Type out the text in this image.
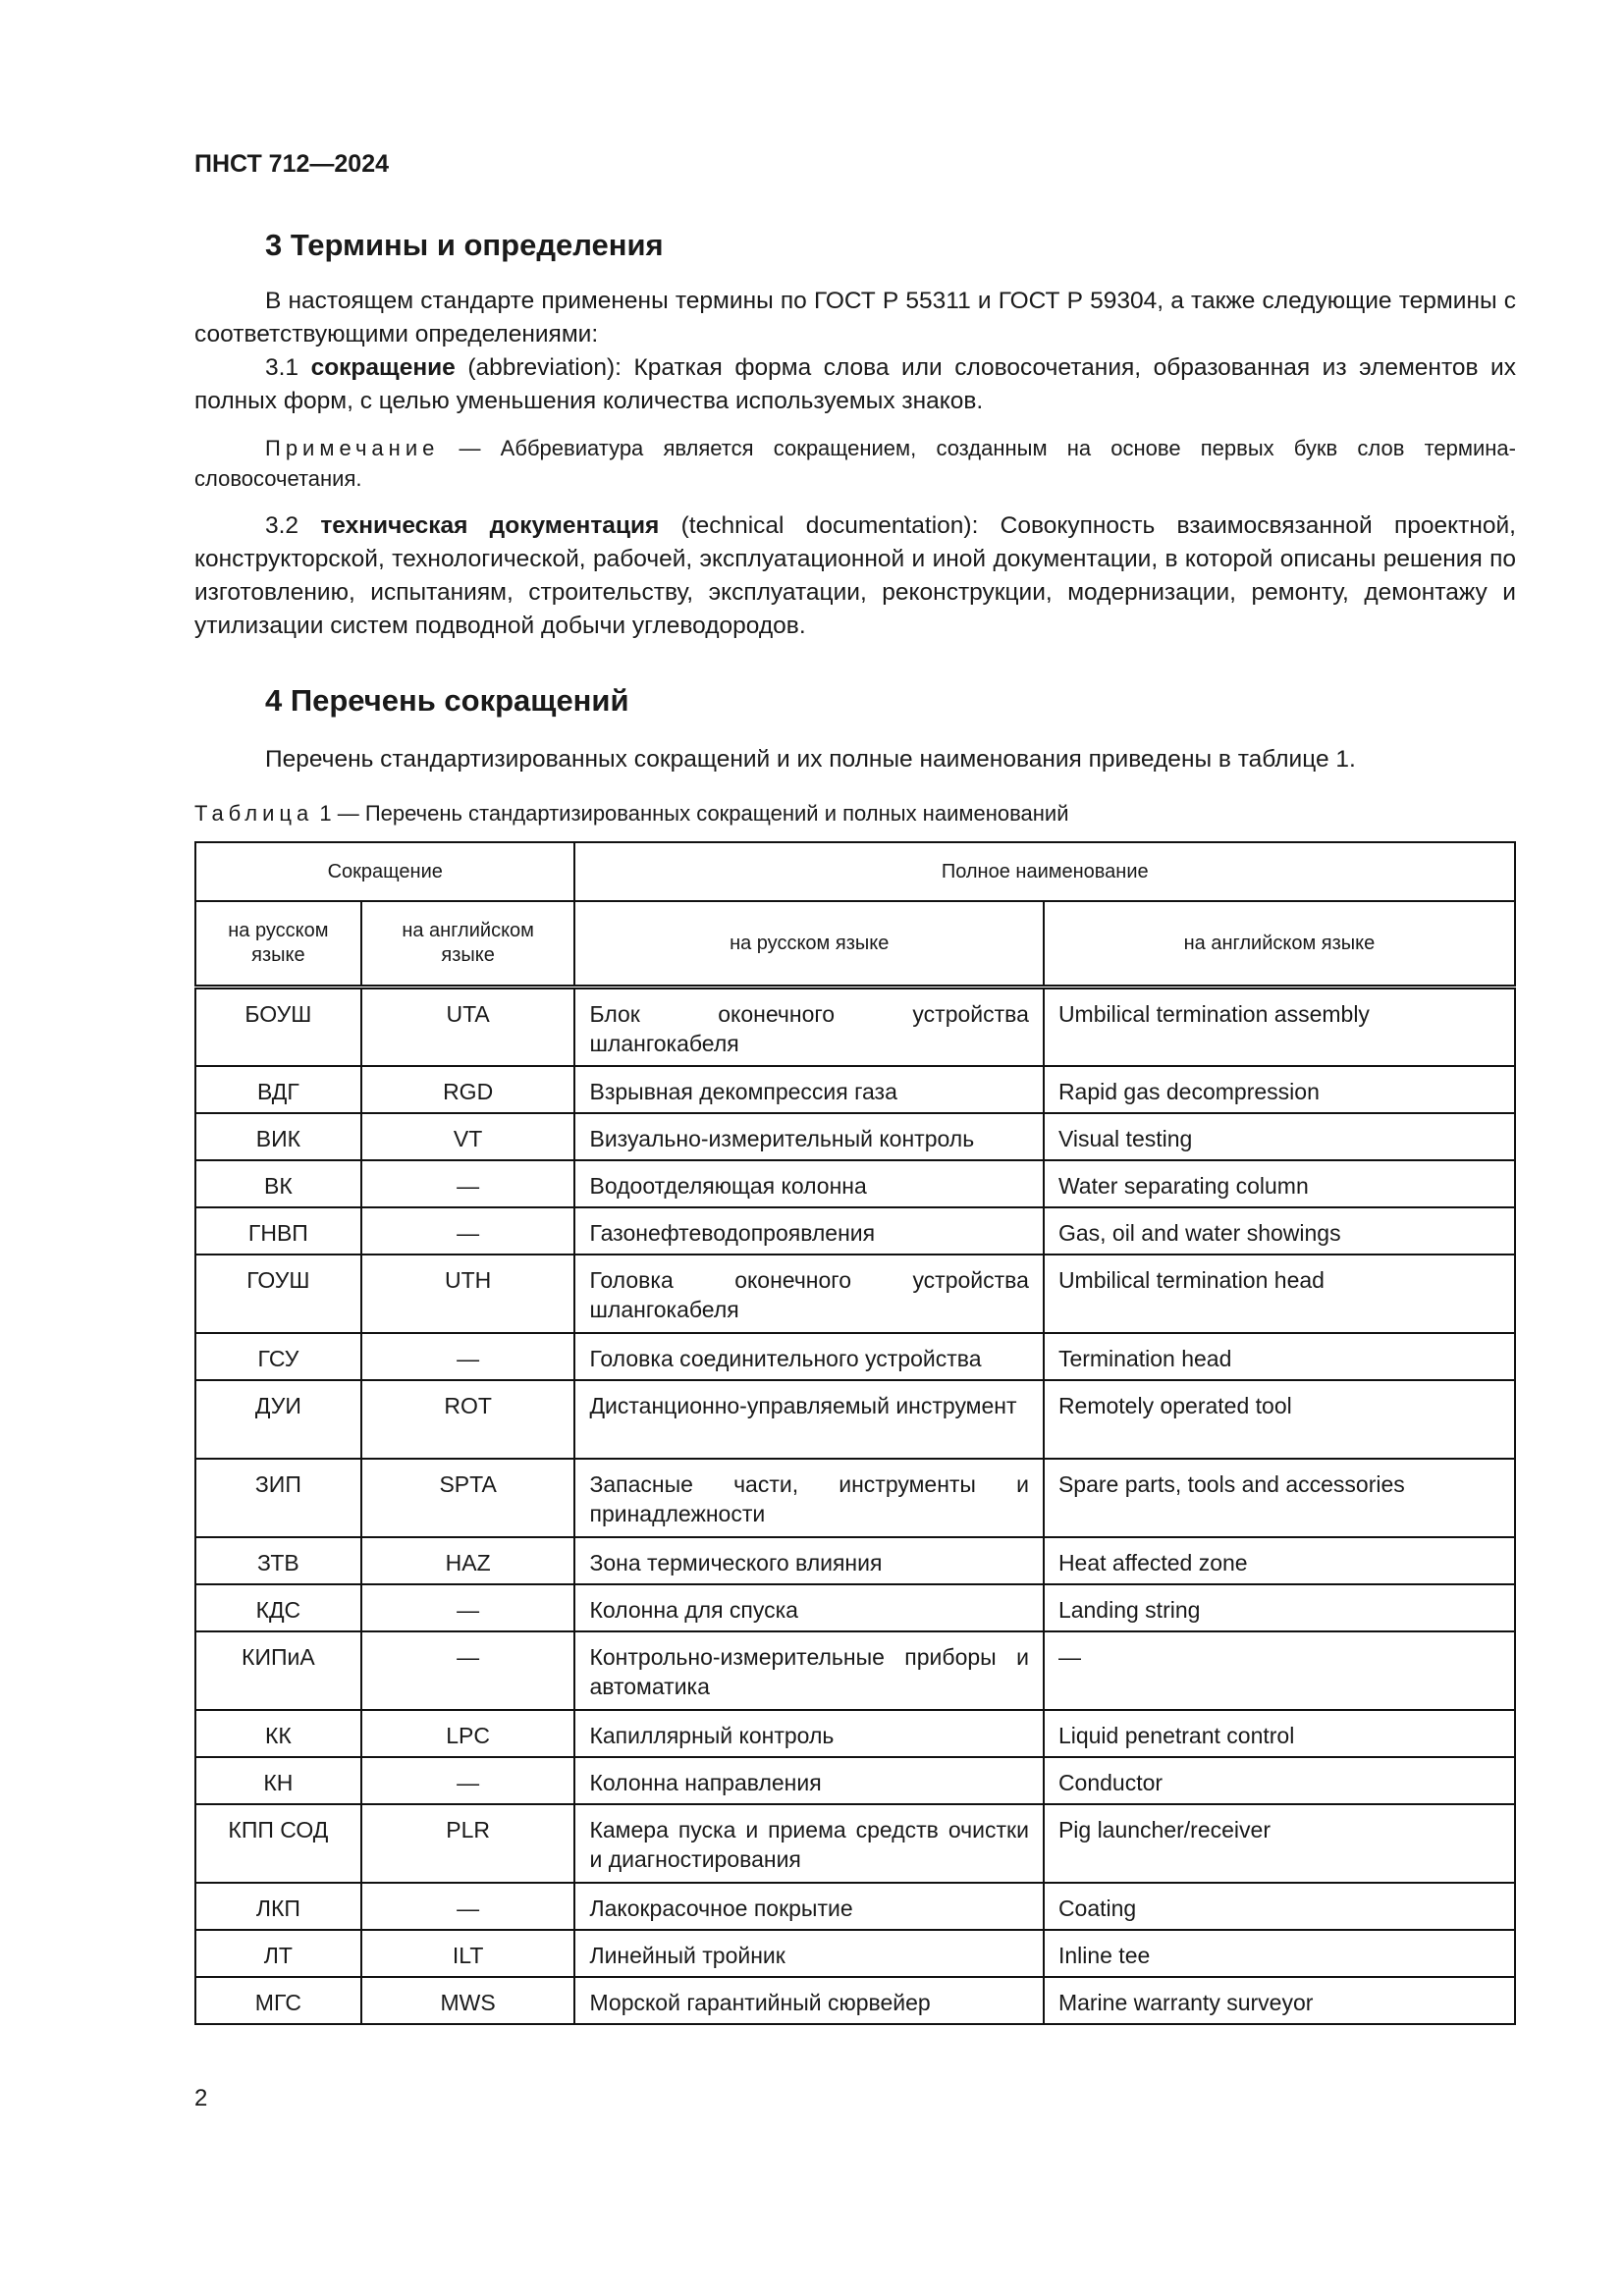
ПНСТ 712—2024
3 Термины и определения
В настоящем стандарте применены термины по ГОСТ Р 55311 и ГОСТ Р 59304, а также следующие термины с соответствующими определениями:
3.1 сокращение (abbreviation): Краткая форма слова или словосочетания, образованная из элементов их полных форм, с целью уменьшения количества используемых знаков.
Примечание — Аббревиатура является сокращением, созданным на основе первых букв слов термина-словосочетания.
3.2 техническая документация (technical documentation): Совокупность взаимосвязанной проектной, конструкторской, технологической, рабочей, эксплуатационной и иной документации, в которой описаны решения по изготовлению, испытаниям, строительству, эксплуатации, реконструкции, модернизации, ремонту, демонтажу и утилизации систем подводной добычи углеводородов.
4 Перечень сокращений
Перечень стандартизированных сокращений и их полные наименования приведены в таблице 1.
Таблица 1 — Перечень стандартизированных сокращений и полных наименований
Сокращение		Полное наименование	
на русском языке	на английском языке	на русском языке	на английском языке
БОУШ	UTA	Блок оконечного устройства шлангокабеля	Umbilical termination assembly
ВДГ	RGD	Взрывная декомпрессия газа	Rapid gas decompression
ВИК	VT	Визуально-измерительный контроль	Visual testing
ВК	—	Водоотделяющая колонна	Water separating column
ГНВП	—	Газонефтеводопроявления	Gas, oil and water showings
ГОУШ	UTH	Головка оконечного устройства шлангокабеля	Umbilical termination head
ГСУ	—	Головка соединительного устройства	Termination head
ДУИ	ROT	Дистанционно-управляемый инструмент	Remotely operated tool
ЗИП	SPTA	Запасные части, инструменты и принадлежности	Spare parts, tools and accessories
ЗТВ	HAZ	Зона термического влияния	Heat affected zone
КДС	—	Колонна для спуска	Landing string
КИПиА	—	Контрольно-измерительные приборы и автоматика	—
КК	LPC	Капиллярный контроль	Liquid penetrant control
КН	—	Колонна направления	Conductor
КПП СОД	PLR	Камера пуска и приема средств очистки и диагностирования	Pig launcher/receiver
ЛКП	—	Лакокрасочное покрытие	Coating
ЛТ	ILT	Линейный тройник	Inline tee
МГС	MWS	Морской гарантийный сюрвейер	Marine warranty surveyor
2
